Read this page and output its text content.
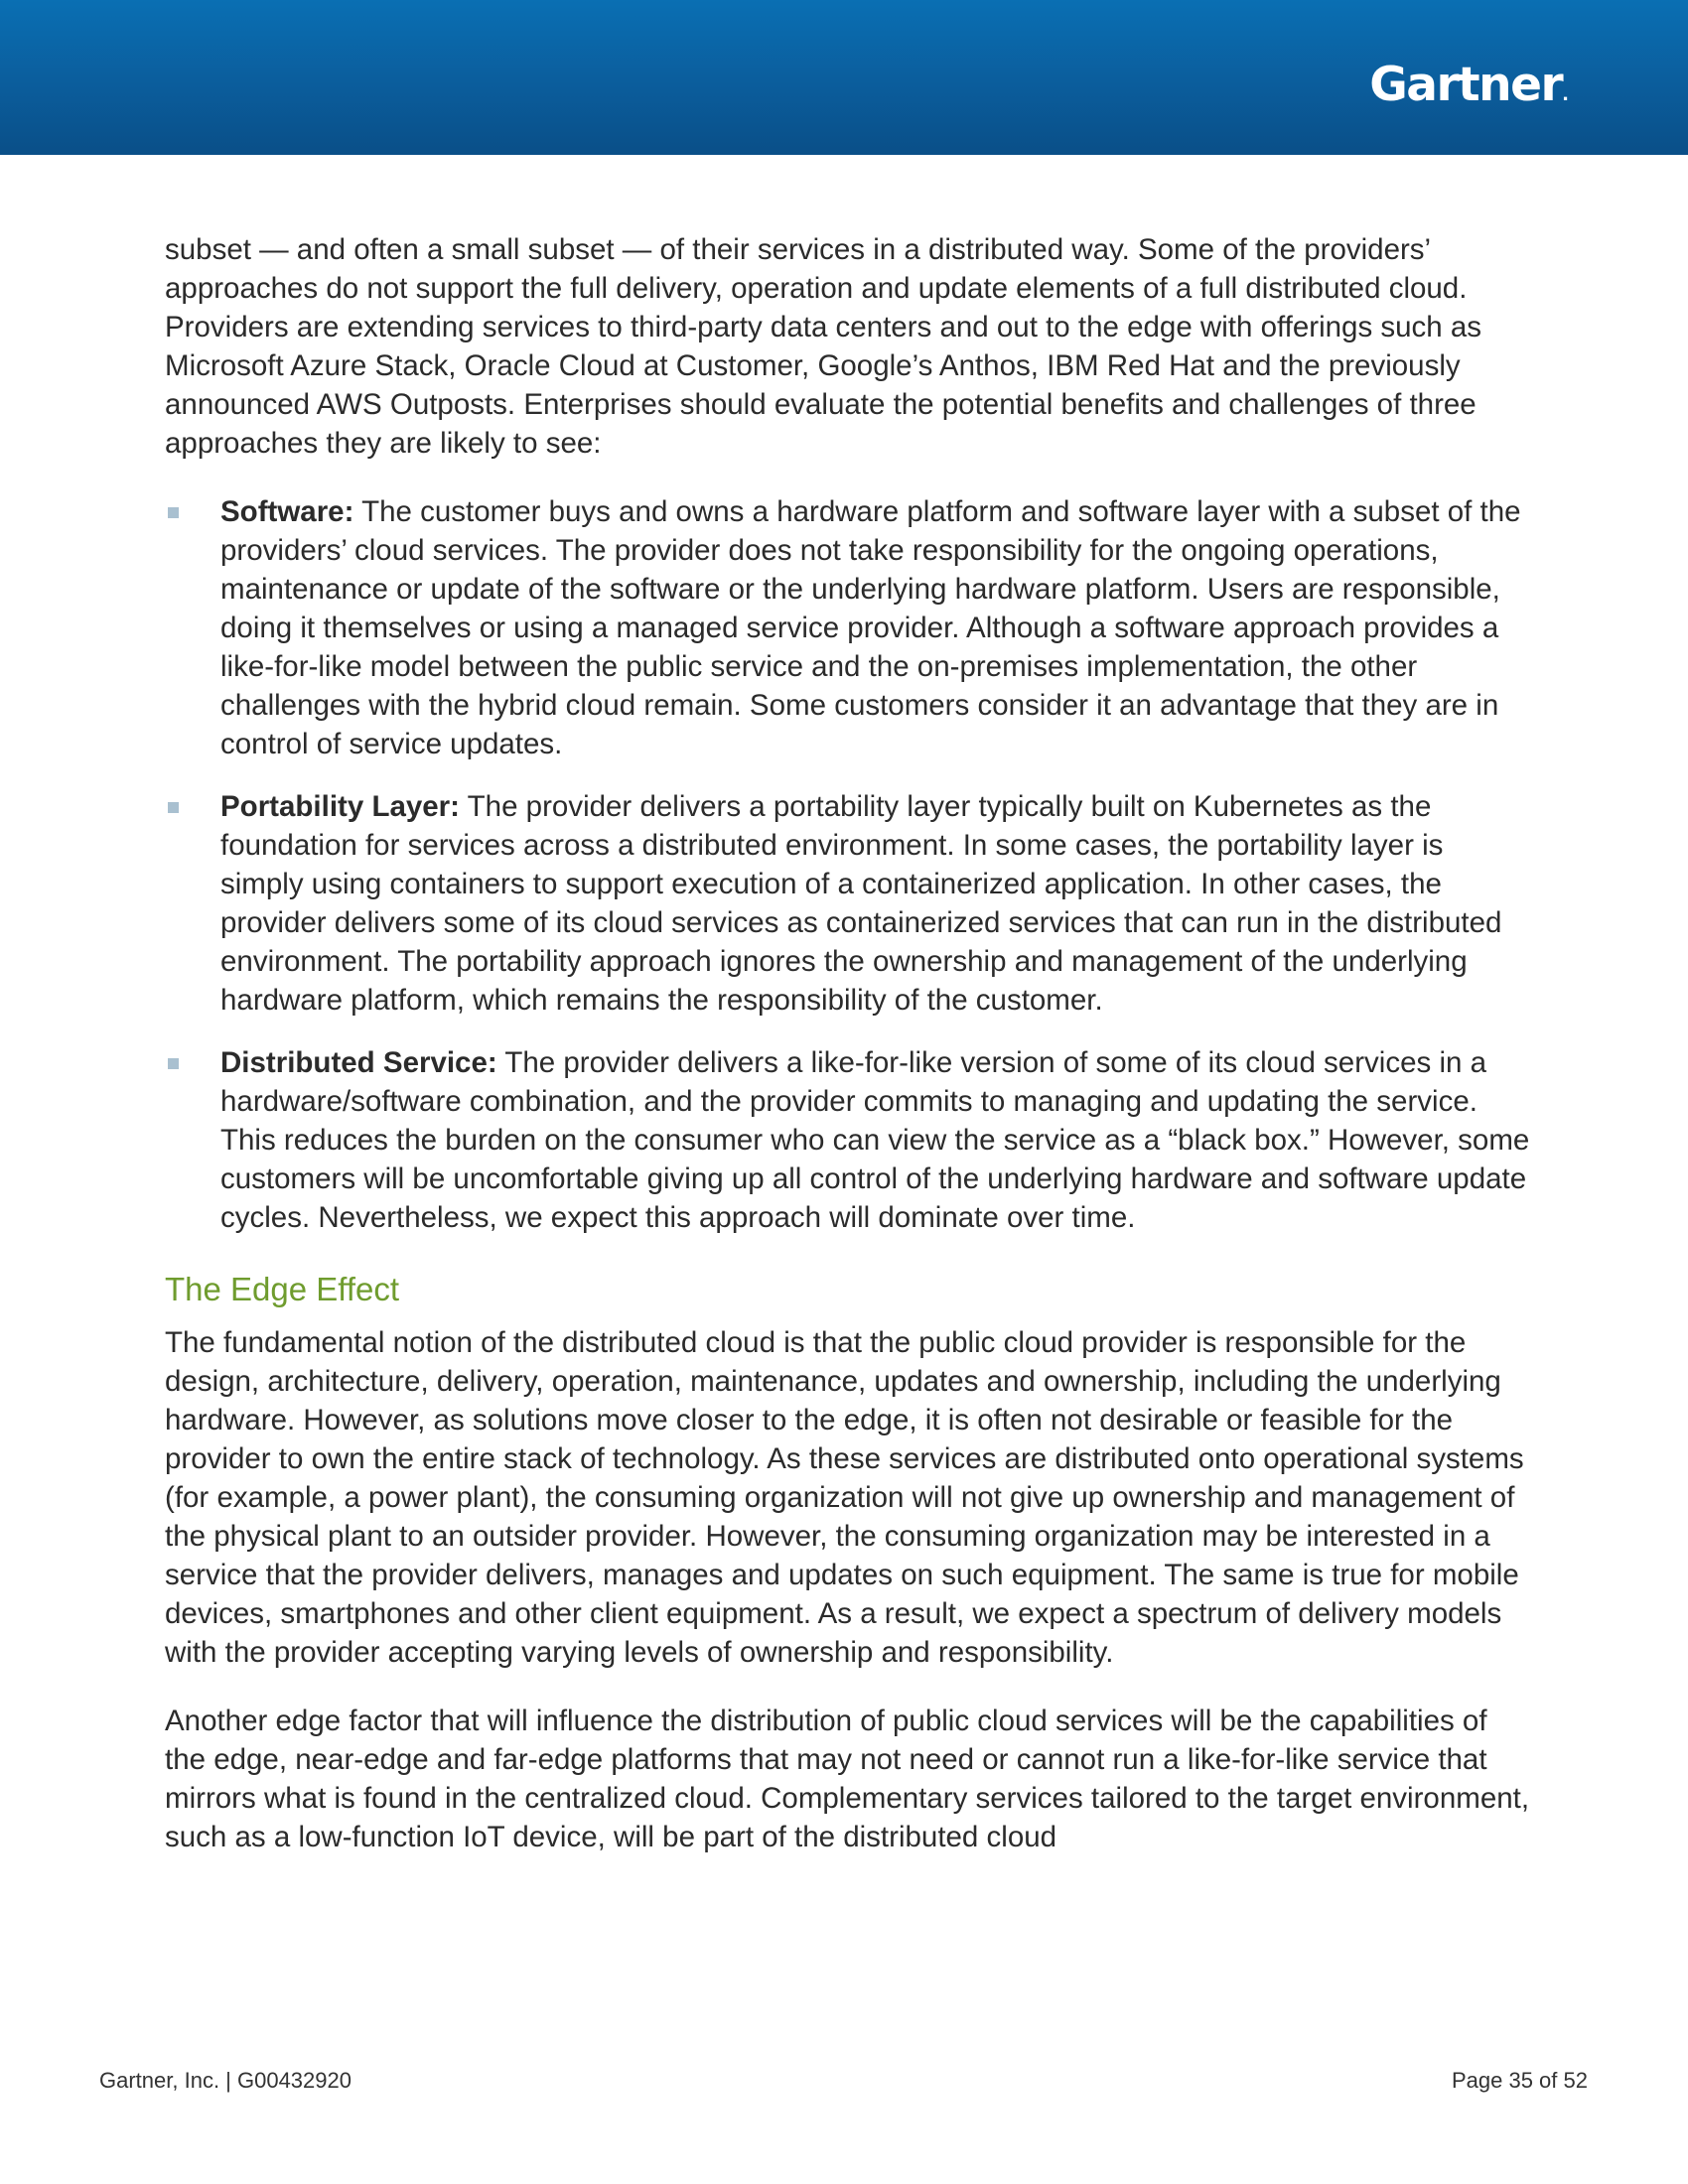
Gartner.

subset — and often a small subset — of their services in a distributed way. Some of the providers’ approaches do not support the full delivery, operation and update elements of a full distributed cloud. Providers are extending services to third-party data centers and out to the edge with offerings such as Microsoft Azure Stack, Oracle Cloud at Customer, Google’s Anthos, IBM Red Hat and the previously announced AWS Outposts. Enterprises should evaluate the potential benefits and challenges of three approaches they are likely to see:

Software: The customer buys and owns a hardware platform and software layer with a subset of the providers’ cloud services. The provider does not take responsibility for the ongoing operations, maintenance or update of the software or the underlying hardware platform. Users are responsible, doing it themselves or using a managed service provider. Although a software approach provides a like-for-like model between the public service and the on-premises implementation, the other challenges with the hybrid cloud remain. Some customers consider it an advantage that they are in control of service updates.
Portability Layer: The provider delivers a portability layer typically built on Kubernetes as the foundation for services across a distributed environment. In some cases, the portability layer is simply using containers to support execution of a containerized application. In other cases, the provider delivers some of its cloud services as containerized services that can run in the distributed environment. The portability approach ignores the ownership and management of the underlying hardware platform, which remains the responsibility of the customer.
Distributed Service: The provider delivers a like-for-like version of some of its cloud services in a hardware/software combination, and the provider commits to managing and updating the service. This reduces the burden on the consumer who can view the service as a “black box.” However, some customers will be uncomfortable giving up all control of the underlying hardware and software update cycles. Nevertheless, we expect this approach will dominate over time.
The Edge Effect

The fundamental notion of the distributed cloud is that the public cloud provider is responsible for the design, architecture, delivery, operation, maintenance, updates and ownership, including the underlying hardware. However, as solutions move closer to the edge, it is often not desirable or feasible for the provider to own the entire stack of technology. As these services are distributed onto operational systems (for example, a power plant), the consuming organization will not give up ownership and management of the physical plant to an outsider provider. However, the consuming organization may be interested in a service that the provider delivers, manages and updates on such equipment. The same is true for mobile devices, smartphones and other client equipment. As a result, we expect a spectrum of delivery models with the provider accepting varying levels of ownership and responsibility.

Another edge factor that will influence the distribution of public cloud services will be the capabilities of the edge, near-edge and far-edge platforms that may not need or cannot run a like-for-like service that mirrors what is found in the centralized cloud. Complementary services tailored to the target environment, such as a low-function IoT device, will be part of the distributed cloud

Gartner, Inc. | G00432920	Page 35 of 52
